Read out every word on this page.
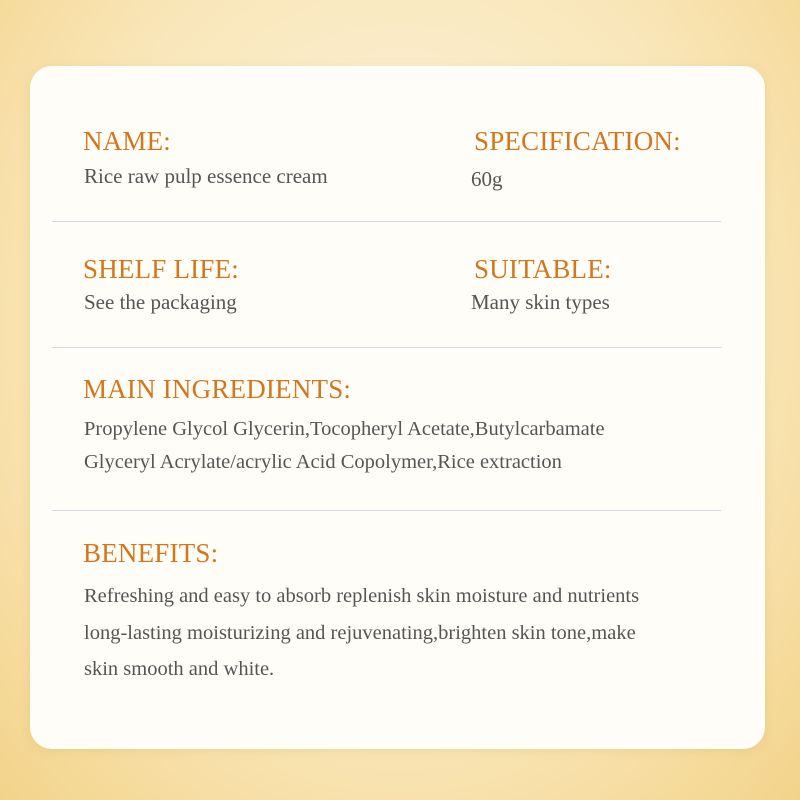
NAME:
Rice raw pulp essence cream
SPECIFICATION:
60g
SHELF LIFE:
See the packaging
SUITABLE:
Many skin types
MAIN INGREDIENTS:
Propylene Glycol Glycerin,Tocopheryl Acetate,Butylcarbamate
Glyceryl Acrylate/acrylic Acid Copolymer,Rice extraction
BENEFITS:
Refreshing and easy to absorb replenish skin moisture and nutrients
long-lasting moisturizing and rejuvenating,brighten skin tone,make
skin smooth and white.
